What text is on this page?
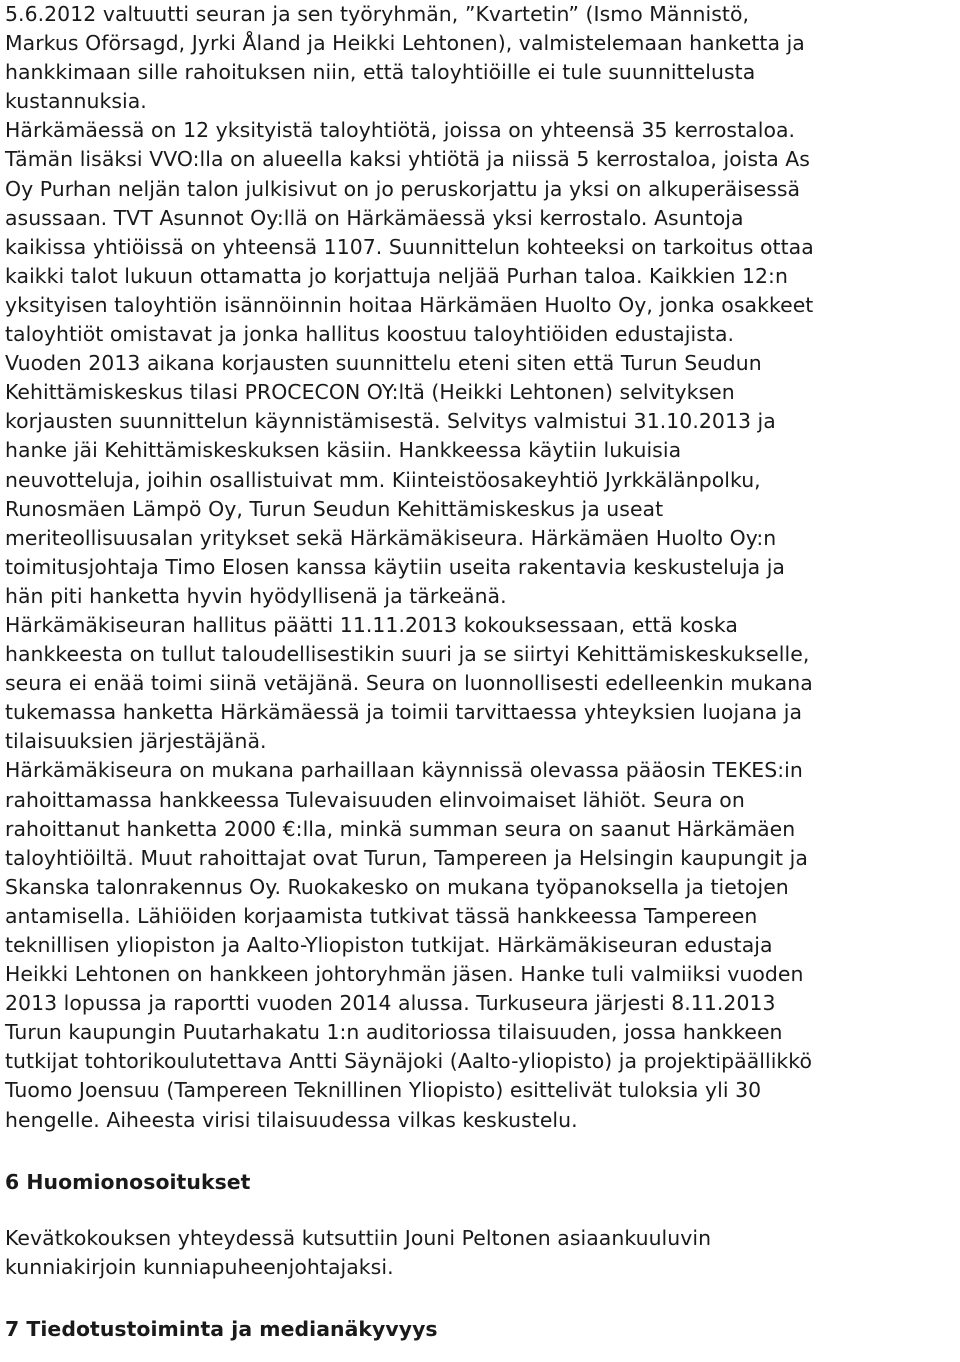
5.6.2012 valtuutti seuran ja sen työryhmän, ”Kvartetin” (Ismo Männistö,
Markus Oförsagd, Jyrki Åland ja Heikki Lehtonen), valmistelemaan hanketta ja
hankkimaan sille rahoituksen niin, että taloyhtiöille ei tule suunnittelusta
kustannuksia.
Härkämäessä on 12 yksityistä taloyhtiötä, joissa on yhteensä 35 kerrostaloa.
Tämän lisäksi VVO:lla on alueella kaksi yhtiötä ja niissä 5 kerrostaloa, joista As
Oy Purhan neljän talon julkisivut on jo peruskorjattu ja yksi on alkuperäisessä
asussaan. TVT Asunnot Oy:llä on Härkämäessä yksi kerrostalo. Asuntoja
kaikissa yhtiöissä on yhteensä 1107. Suunnittelun kohteeksi on tarkoitus ottaa
kaikki talot lukuun ottamatta jo korjattuja neljää Purhan taloa. Kaikkien 12:n
yksityisen taloyhtiön isännöinnin hoitaa Härkämäen Huolto Oy, jonka osakkeet
taloyhtiöt omistavat ja jonka hallitus koostuu taloyhtiöiden edustajista.
Vuoden 2013 aikana korjausten suunnittelu eteni siten että Turun Seudun
Kehittämiskeskus tilasi PROCECON OY:ltä (Heikki Lehtonen) selvityksen
korjausten suunnittelun käynnistämisestä. Selvitys valmistui 31.10.2013 ja
hanke jäi Kehittämiskeskuksen käsiin. Hankkeessa käytiin lukuisia
neuvotteluja, joihin osallistuivat mm. Kiinteistöosakeyhtiö Jyrkkälänpolku,
Runosmäen Lämpö Oy, Turun Seudun Kehittämiskeskus ja useat
meriteollisuusalan yritykset sekä Härkämäkiseura. Härkämäen Huolto Oy:n
toimitusjohtaja Timo Elosen kanssa käytiin useita rakentavia keskusteluja ja
hän piti hanketta hyvin hyödyllisenä ja tärkeänä.
Härkämäkiseuran hallitus päätti 11.11.2013 kokouksessaan, että koska
hankkeesta on tullut taloudellisestikin suuri ja se siirtyi Kehittämiskeskukselle,
seura ei enää toimi siinä vetäjänä. Seura on luonnollisesti edelleenkin mukana
tukemassa hanketta Härkämäessä ja toimii tarvittaessa yhteyksien luojana ja
tilaisuuksien järjestäjänä.
Härkämäkiseura on mukana parhaillaan käynnissä olevassa pääosin TEKES:in
rahoittamassa hankkeessa Tulevaisuuden elinvoimaiset lähiöt. Seura on
rahoittanut hanketta 2000 €:lla, minkä summan seura on saanut Härkämäen
taloyhtiöiltä. Muut rahoittajat ovat Turun, Tampereen ja Helsingin kaupungit ja
Skanska talonrakennus Oy. Ruokakesko on mukana työpanoksella ja tietojen
antamisella. Lähiöiden korjaamista tutkivat tässä hankkeessa Tampereen
teknillisen yliopiston ja Aalto-Yliopiston tutkijat. Härkämäkiseuran edustaja
Heikki Lehtonen on hankkeen johtoryhmän jäsen. Hanke tuli valmiiksi vuoden
2013 lopussa ja raportti vuoden 2014 alussa. Turkuseura järjesti 8.11.2013
Turun kaupungin Puutarhakatu 1:n auditoriossa tilaisuuden, jossa hankkeen
tutkijat tohtorikoulutettava Antti Säynäjoki (Aalto-yliopisto) ja projektipäällikkö
Tuomo Joensuu (Tampereen Teknillinen Yliopisto) esittelivät tuloksia yli 30
hengelle. Aiheesta virisi tilaisuudessa vilkas keskustelu.
6 Huomionosoitukset
Kevätkokouksen yhteydessä kutsuttiin Jouni Peltonen asiaankuuluvin
kunniakirjoin kunniapuheenjohtajaksi.
7 Tiedotustoiminta ja medianäkyvyys
